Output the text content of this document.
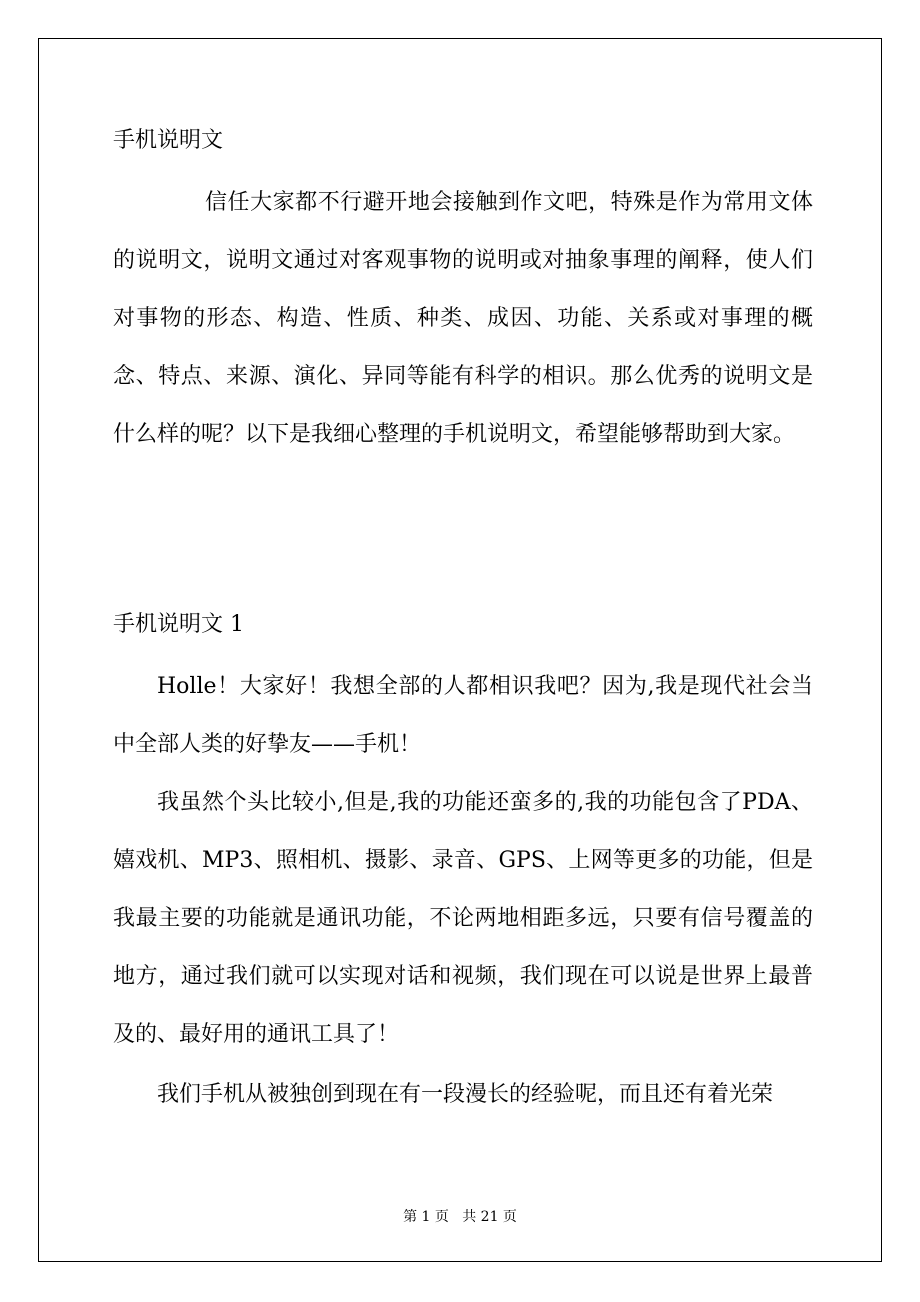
手机说明文

信任大家都不行避开地会接触到作文吧，特殊是作为常用文体的说明文，说明文通过对客观事物的说明或对抽象事理的阐释，使人们对事物的形态、构造、性质、种类、成因、功能、关系或对事理的概念、特点、来源、演化、异同等能有科学的相识。那么优秀的说明文是什么样的呢？以下是我细心整理的手机说明文，希望能够帮助到大家。

手机说明文 1

Holle！大家好！我想全部的人都相识我吧？因为,我是现代社会当中全部人类的好挚友——手机！

我虽然个头比较小,但是,我的功能还蛮多的,我的功能包含了PDA、嬉戏机、MP3、照相机、摄影、录音、GPS、上网等更多的功能，但是我最主要的功能就是通讯功能，不论两地相距多远，只要有信号覆盖的地方，通过我们就可以实现对话和视频，我们现在可以说是世界上最普及的、最好用的通讯工具了！

我们手机从被独创到现在有一段漫长的经验呢，而且还有着光荣

第 1 页   共 21 页
